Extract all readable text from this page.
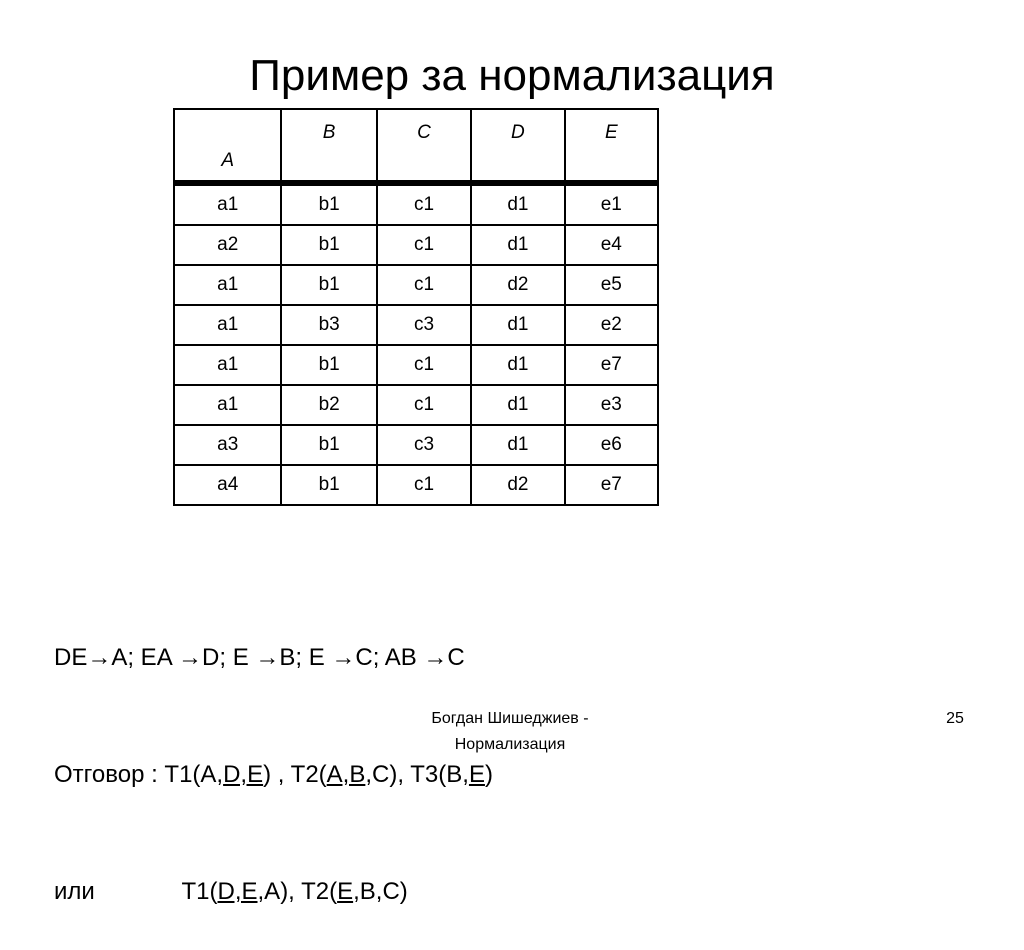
Пример за нормализация
A	B	C	D	E

a1	b1	c1	d1	e1
a2	b1	c1	d1	e4
a1	b1	c1	d2	e5
a1	b3	c3	d1	e2
a1	b1	c1	d1	e7
a1	b2	c1	d1	e3
a3	b1	c3	d1	e6
a4	b1	c1	d2	e7

DE→A; EA →D; E →B; E →C; AB →C

Отговор : T1(A,D,E) , T2(A,B,C), T3(B,E)

или             T1(D,E,A), T2(E,B,C)

Богдан Шишеджиев -
Нормализация
25
